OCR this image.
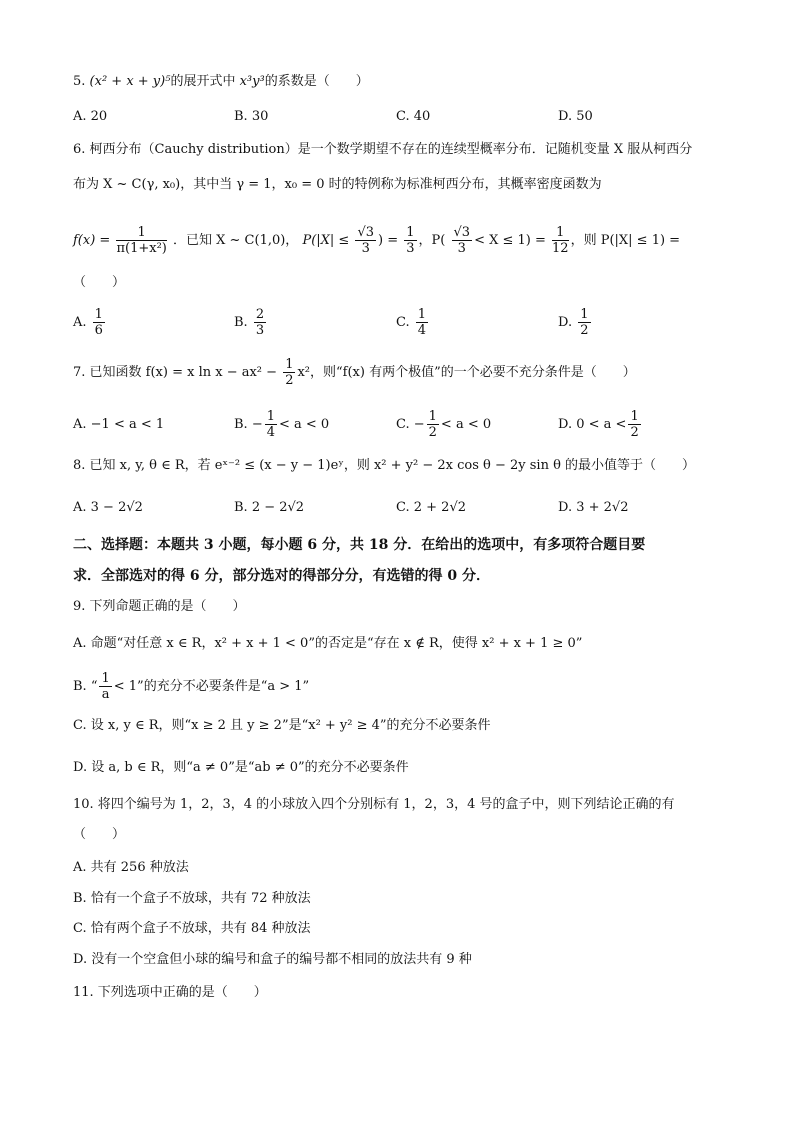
5. (x² + x + y)⁵的展开式中 x³y³的系数是（　　）
A. 20	B. 30	C. 40	D. 50
6. 柯西分布（Cauchy distribution）是一个数学期望不存在的连续型概率分布．记随机变量 X 服从柯西分
布为 X ~ C(γ, x₀)，其中当 γ = 1，x₀ = 0 时的特例称为标准柯西分布，其概率密度函数为
$f(x) = \frac{1}{\text{π(1+x²)}}$ ．已知 X ~ C(1,0)， $P(|X| \le \frac{√3}{3}$ ) = $\frac{1}{3}$ ，$P( \frac{√3}{3} < X \le 1) = \frac{1}{12}$ ，则 P(|X| ≤ 1) =
（　　）
A. $\frac{1}{6}$	B. $\frac{2}{3}$	C. $\frac{1}{4}$	D. $\frac{1}{2}$
7. 已知函数 f(x) = x $\ln x - ax^2 - \frac{1}{2} x^2$，则“f(x) 有两个极值”的一个必要不充分条件是（　　）
A. −1 < a < 1	B. − $\frac{1}{4} < a < 0$	C. − $\frac{1}{2} < a < 0$	D. $0 < a < \frac{1}{2}$
8. 已知 x, y, θ ∈ R，若 eˣ⁻² ≤ (x − y − 1)eʸ，则 x² + y² − 2x cos θ − 2y sin θ 的最小值等于（　　）
A. 3 − 2√2	B. 2 − 2√2	C. 2 + 2√2	D. 3 + 2√2
二、选择题：本题共 3 小题，每小题 6 分，共 18 分．在给出的选项中，有多项符合题目要
求．全部选对的得 6 分，部分选对的得部分分，有选错的得 0 分．
9. 下列命题正确的是（　　）
A. 命题“对任意 x ∈ R，x² + x + 1 < 0”的否定是“存在 x ∉ R，使得 x² + x + 1 ≥ 0”
B. “ $\frac{1}{a} < 1$”的充分不必要条件是“a > 1”
C. 设 x, y ∈ R，则“x ≥ 2 且 y ≥ 2”是“x² + y² ≥ 4”的充分不必要条件
D. 设 a, b ∈ R，则“a ≠ 0”是“ab ≠ 0”的充分不必要条件
10. 将四个编号为 1，2，3，4 的小球放入四个分别标有 1，2，3，4 号的盒子中，则下列结论正确的有
（　　）
A. 共有 256 种放法
B. 恰有一个盒子不放球，共有 72 种放法
C. 恰有两个盒子不放球，共有 84 种放法
D. 没有一个空盒但小球的编号和盒子的编号都不相同的放法共有 9 种
11. 下列选项中正确的是（　　）
